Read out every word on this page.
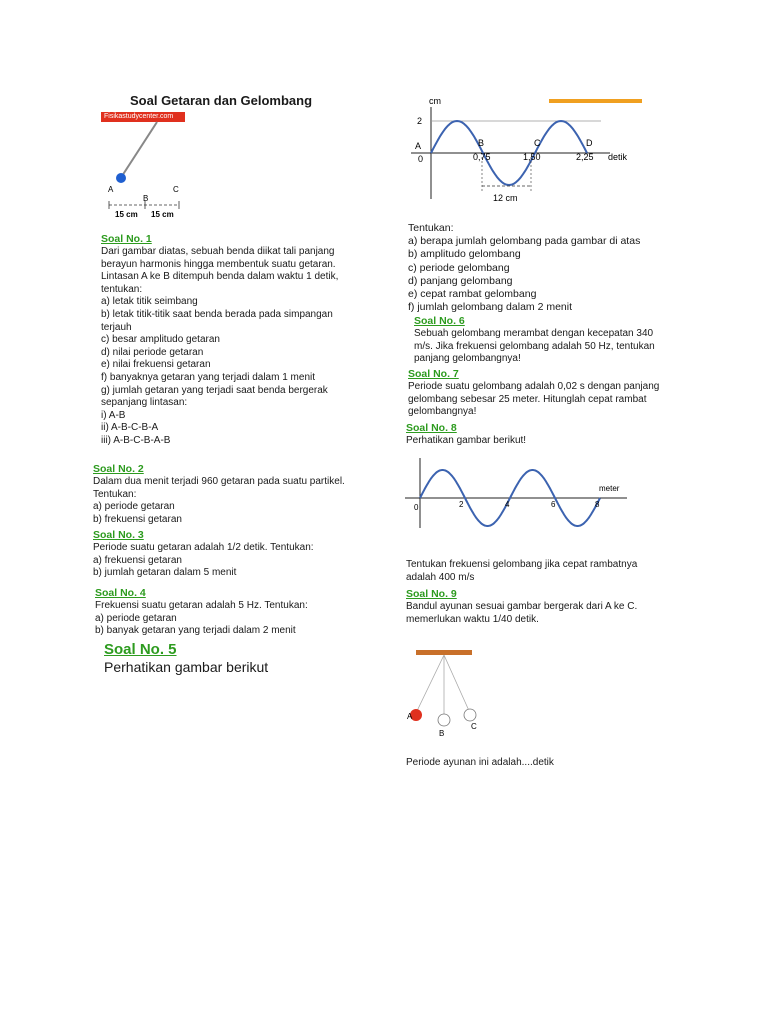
Soal Getaran dan Gelombang
Fisikastudycenter.com
A
B
C
15 cm 15 cm
Soal No. 1
Dari gambar diatas, sebuah benda diikat tali panjang
berayun harmonis hingga membentuk suatu getaran.
Lintasan A ke B ditempuh benda dalam waktu 1 detik,
tentukan:
a) letak titik seimbang
b) letak titik-titik saat benda berada pada simpangan
terjauh
c) besar amplitudo getaran
d) nilai periode getaran
e) nilai frekuensi getaran
f) banyaknya getaran yang terjadi dalam 1 menit
g) jumlah getaran yang terjadi saat benda bergerak
sepanjang lintasan:
i) A-B
ii) A-B-C-B-A
iii) A-B-C-B-A-B
Soal No. 2
Dalam dua menit terjadi 960 getaran pada suatu partikel.
Tentukan:
a) periode getaran
b) frekuensi getaran
Soal No. 3
Periode suatu getaran adalah 1/2 detik. Tentukan:
a) frekuensi getaran
b) jumlah getaran dalam 5 menit
Soal No. 4
Frekuensi suatu getaran adalah 5 Hz. Tentukan:
a) periode getaran
b) banyak getaran yang terjadi dalam 2 menit
Soal No. 5
Perhatikan gambar berikut
cm
2
A
0
B	C	D
0,75	1,50	2,25 detik
12 cm
Tentukan:
a) berapa jumlah gelombang pada gambar di atas
b) amplitudo gelombang
c) periode gelombang
d) panjang gelombang
e) cepat rambat gelombang
f) jumlah gelombang dalam 2 menit
Soal No. 6
Sebuah gelombang merambat dengan kecepatan 340
m/s. Jika frekuensi gelombang adalah 50 Hz, tentukan
panjang gelombangnya!
Soal No. 7
Periode suatu gelombang adalah 0,02 s dengan panjang
gelombang sebesar 25 meter. Hitunglah cepat rambat
gelombangnya!
Soal No. 8
Perhatikan gambar berikut!
meter
0	2	4	6	8
Tentukan frekuensi gelombang jika cepat rambatnya
adalah 400 m/s
Soal No. 9
Bandul ayunan sesuai gambar bergerak dari A ke C.
memerlukan waktu 1/40 detik.
A
B
C
Periode ayunan ini adalah....detik
